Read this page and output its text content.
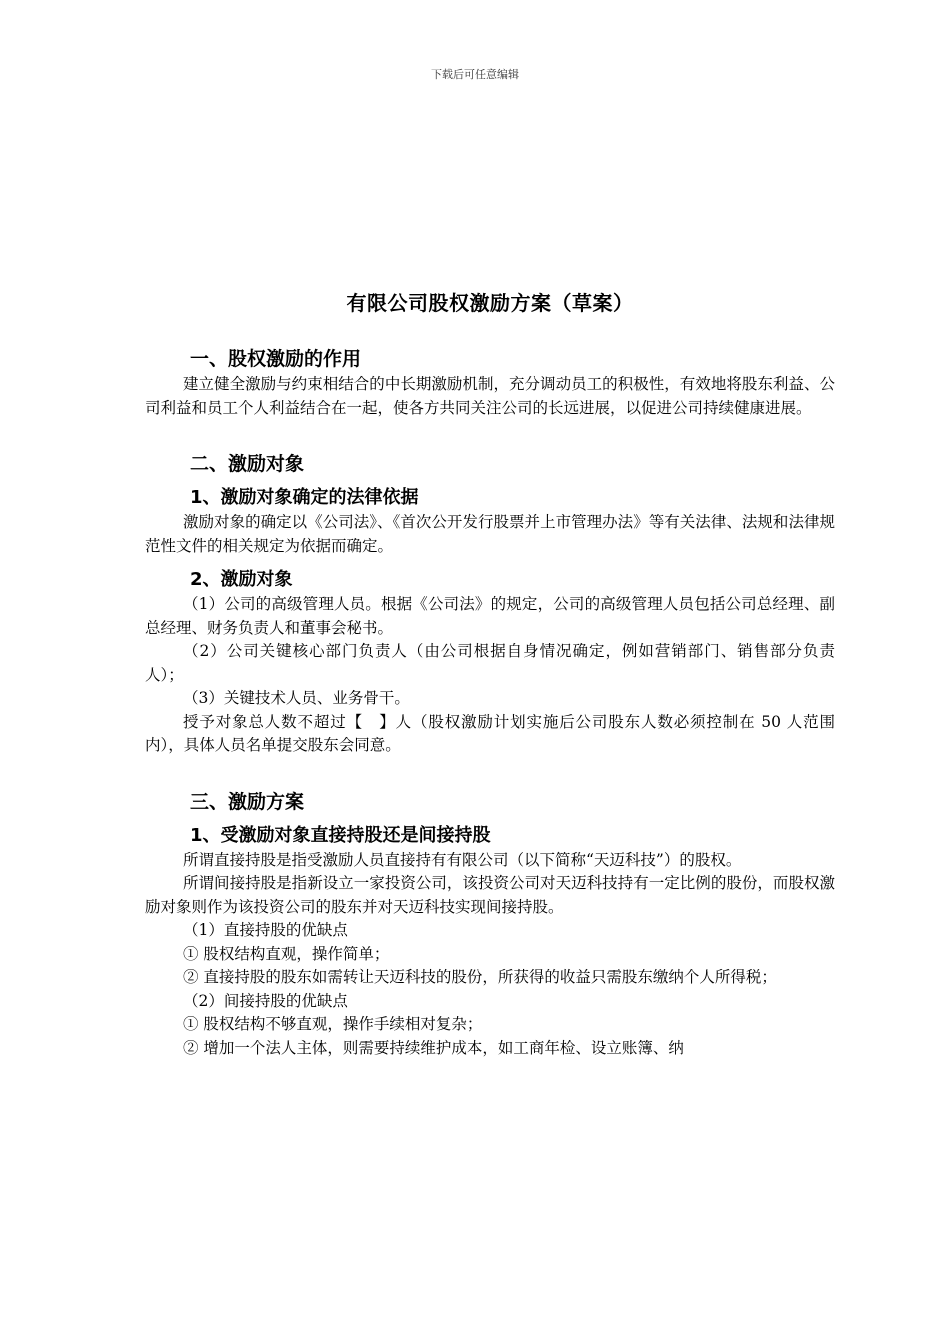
下载后可任意编辑
有限公司股权激励方案（草案）
一、股权激励的作用
建立健全激励与约束相结合的中长期激励机制，充分调动员工的积极性，有效地将股东利益、公司利益和员工个人利益结合在一起，使各方共同关注公司的长远进展，以促进公司持续健康进展。
二、激励对象
1、激励对象确定的法律依据
激励对象的确定以《公司法》、《首次公开发行股票并上市管理办法》等有关法律、法规和法律规范性文件的相关规定为依据而确定。
2、激励对象
（1）公司的高级管理人员。根据《公司法》的规定，公司的高级管理人员包括公司总经理、副总经理、财务负责人和董事会秘书。
（2）公司关键核心部门负责人（由公司根据自身情况确定，例如营销部门、销售部分负责人）；
（3）关键技术人员、业务骨干。
授予对象总人数不超过【　】人（股权激励计划实施后公司股东人数必须控制在 50 人范围内），具体人员名单提交股东会同意。
三、激励方案
1、受激励对象直接持股还是间接持股
所谓直接持股是指受激励人员直接持有有限公司（以下简称“天迈科技”）的股权。
所谓间接持股是指新设立一家投资公司，该投资公司对天迈科技持有一定比例的股份，而股权激励对象则作为该投资公司的股东并对天迈科技实现间接持股。
（1）直接持股的优缺点
① 股权结构直观，操作简单；
② 直接持股的股东如需转让天迈科技的股份，所获得的收益只需股东缴纳个人所得税；
（2）间接持股的优缺点
① 股权结构不够直观，操作手续相对复杂；
② 增加一个法人主体，则需要持续维护成本，如工商年检、设立账簿、纳
